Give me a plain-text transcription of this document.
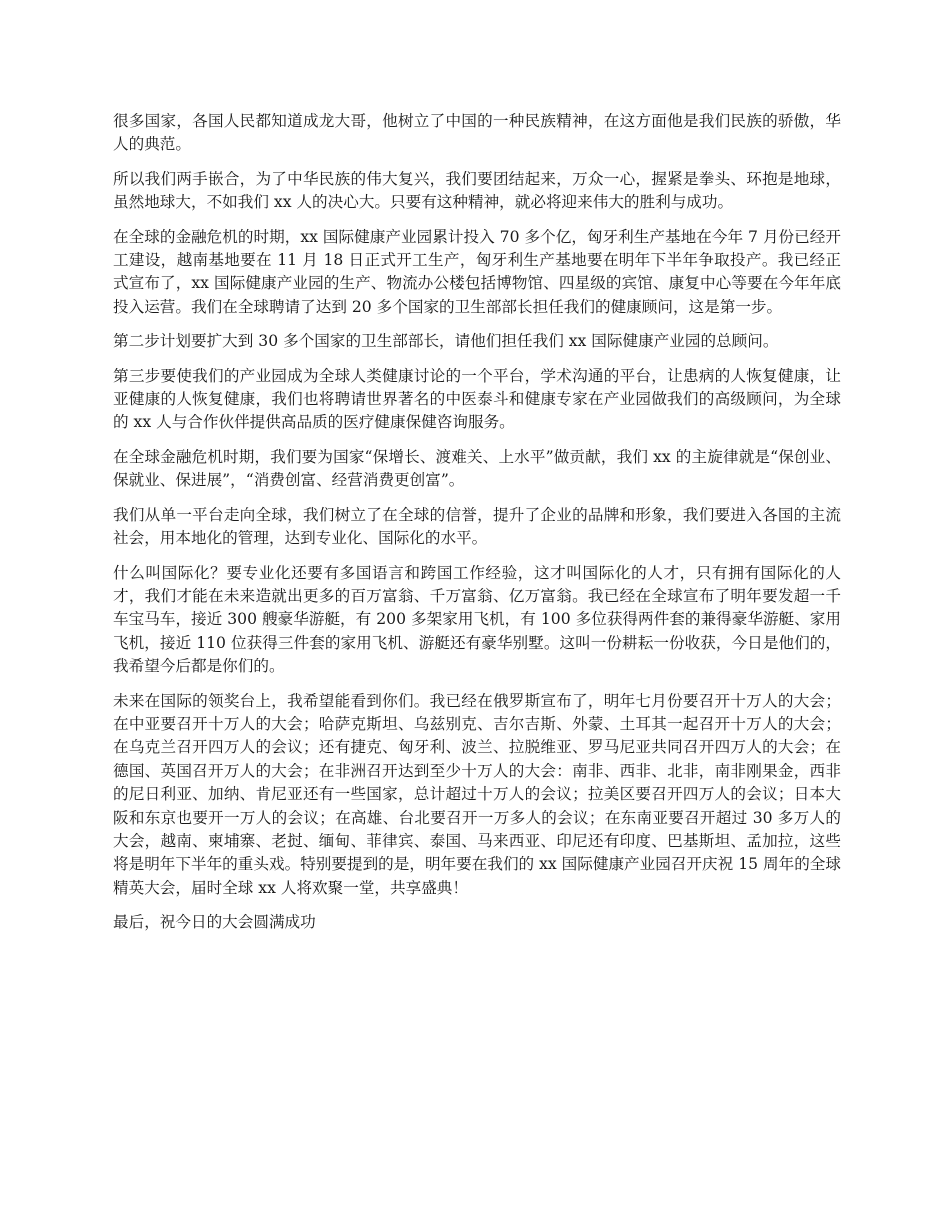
很多国家，各国人民都知道成龙大哥，他树立了中国的一种民族精神，在这方面他是我们民族的骄傲，华人的典范。

所以我们两手嵌合，为了中华民族的伟大复兴，我们要团结起来，万众一心，握紧是拳头、环抱是地球，虽然地球大，不如我们 xx 人的决心大。只要有这种精神，就必将迎来伟大的胜利与成功。

在全球的金融危机的时期，xx 国际健康产业园累计投入 70 多个亿，匈牙利生产基地在今年 7 月份已经开工建设，越南基地要在 11 月 18 日正式开工生产，匈牙利生产基地要在明年下半年争取投产。我已经正式宣布了，xx 国际健康产业园的生产、物流办公楼包括博物馆、四星级的宾馆、康复中心等要在今年年底投入运营。我们在全球聘请了达到 20 多个国家的卫生部部长担任我们的健康顾问，这是第一步。

第二步计划要扩大到 30 多个国家的卫生部部长，请他们担任我们 xx 国际健康产业园的总顾问。

第三步要使我们的产业园成为全球人类健康讨论的一个平台，学术沟通的平台，让患病的人恢复健康，让亚健康的人恢复健康，我们也将聘请世界著名的中医泰斗和健康专家在产业园做我们的高级顾问，为全球的 xx 人与合作伙伴提供高品质的医疗健康保健咨询服务。

在全球金融危机时期，我们要为国家“保增长、渡难关、上水平”做贡献，我们 xx 的主旋律就是“保创业、保就业、保进展”，“消费创富、经营消费更创富”。

我们从单一平台走向全球，我们树立了在全球的信誉，提升了企业的品牌和形象，我们要进入各国的主流社会，用本地化的管理，达到专业化、国际化的水平。

什么叫国际化？要专业化还要有多国语言和跨国工作经验，这才叫国际化的人才，只有拥有国际化的人才，我们才能在未来造就出更多的百万富翁、千万富翁、亿万富翁。我已经在全球宣布了明年要发超一千车宝马车，接近 300 艘豪华游艇，有 200 多架家用飞机，有 100 多位获得两件套的兼得豪华游艇、家用飞机，接近 110 位获得三件套的家用飞机、游艇还有豪华别墅。这叫一份耕耘一份收获，今日是他们的，我希望今后都是你们的。

未来在国际的领奖台上，我希望能看到你们。我已经在俄罗斯宣布了，明年七月份要召开十万人的大会；在中亚要召开十万人的大会；哈萨克斯坦、乌兹别克、吉尔吉斯、外蒙、土耳其一起召开十万人的大会；在乌克兰召开四万人的会议；还有捷克、匈牙利、波兰、拉脱维亚、罗马尼亚共同召开四万人的大会；在德国、英国召开万人的大会；在非洲召开达到至少十万人的大会：南非、西非、北非，南非刚果金，西非的尼日利亚、加纳、肯尼亚还有一些国家，总计超过十万人的会议；拉美区要召开四万人的会议；日本大阪和东京也要开一万人的会议；在高雄、台北要召开一万多人的会议；在东南亚要召开超过 30 多万人的大会，越南、柬埔寨、老挝、缅甸、菲律宾、泰国、马来西亚、印尼还有印度、巴基斯坦、孟加拉，这些将是明年下半年的重头戏。特别要提到的是，明年要在我们的 xx 国际健康产业园召开庆祝 15 周年的全球精英大会，届时全球 xx 人将欢聚一堂，共享盛典！

最后，祝今日的大会圆满成功
